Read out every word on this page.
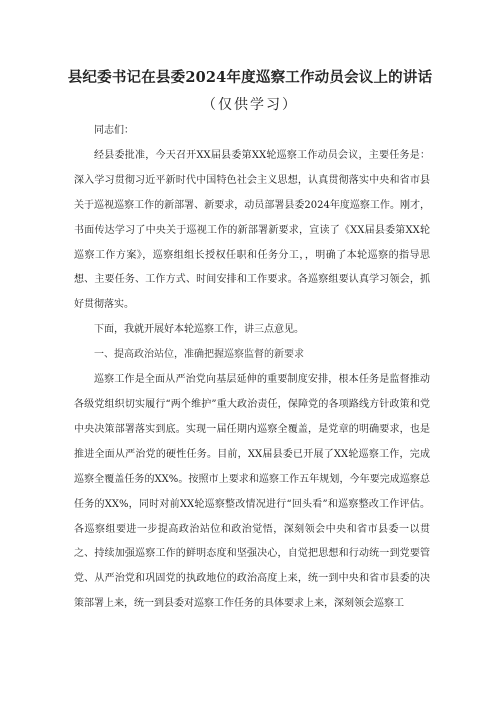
县纪委书记在县委2024年度巡察工作动员会议上的讲话
（仅供学习）

同志们：

经县委批准，今天召开XX届县委第XX轮巡察工作动员会议，主要任务是：深入学习贯彻习近平新时代中国特色社会主义思想，认真贯彻落实中央和省市县关于巡视巡察工作的新部署、新要求，动员部署县委2024年度巡察工作。刚才，书面传达学习了中央关于巡视工作的新部署新要求，宣读了《XX届县委第XX轮巡察工作方案》，巡察组组长授权任职和任务分工，，明确了本轮巡察的指导思想、主要任务、工作方式、时间安排和工作要求。各巡察组要认真学习领会，抓好贯彻落实。

下面，我就开展好本轮巡察工作，讲三点意见。

一、提高政治站位，准确把握巡察监督的新要求

巡察工作是全面从严治党向基层延伸的重要制度安排，根本任务是监督推动各级党组织切实履行“两个维护”重大政治责任，保障党的各项路线方针政策和党中央决策部署落实到底。实现一届任期内巡察全覆盖，是党章的明确要求，也是推进全面从严治党的硬性任务。目前，XX届县委已开展了XX轮巡察工作，完成巡察全覆盖任务的XX%。按照市上要求和巡察工作五年规划，今年要完成巡察总任务的XX%，同时对前XX轮巡察整改情况进行“回头看”和巡察整改工作评估。各巡察组要进一步提高政治站位和政治觉悟，深刻领会中央和省市县委一以贯之、持续加强巡察工作的鲜明态度和坚强决心，自觉把思想和行动统一到党要管党、从严治党和巩固党的执政地位的政治高度上来，统一到中央和省市县委的决策部署上来，统一到县委对巡察工作任务的具体要求上来，深刻领会巡察工
